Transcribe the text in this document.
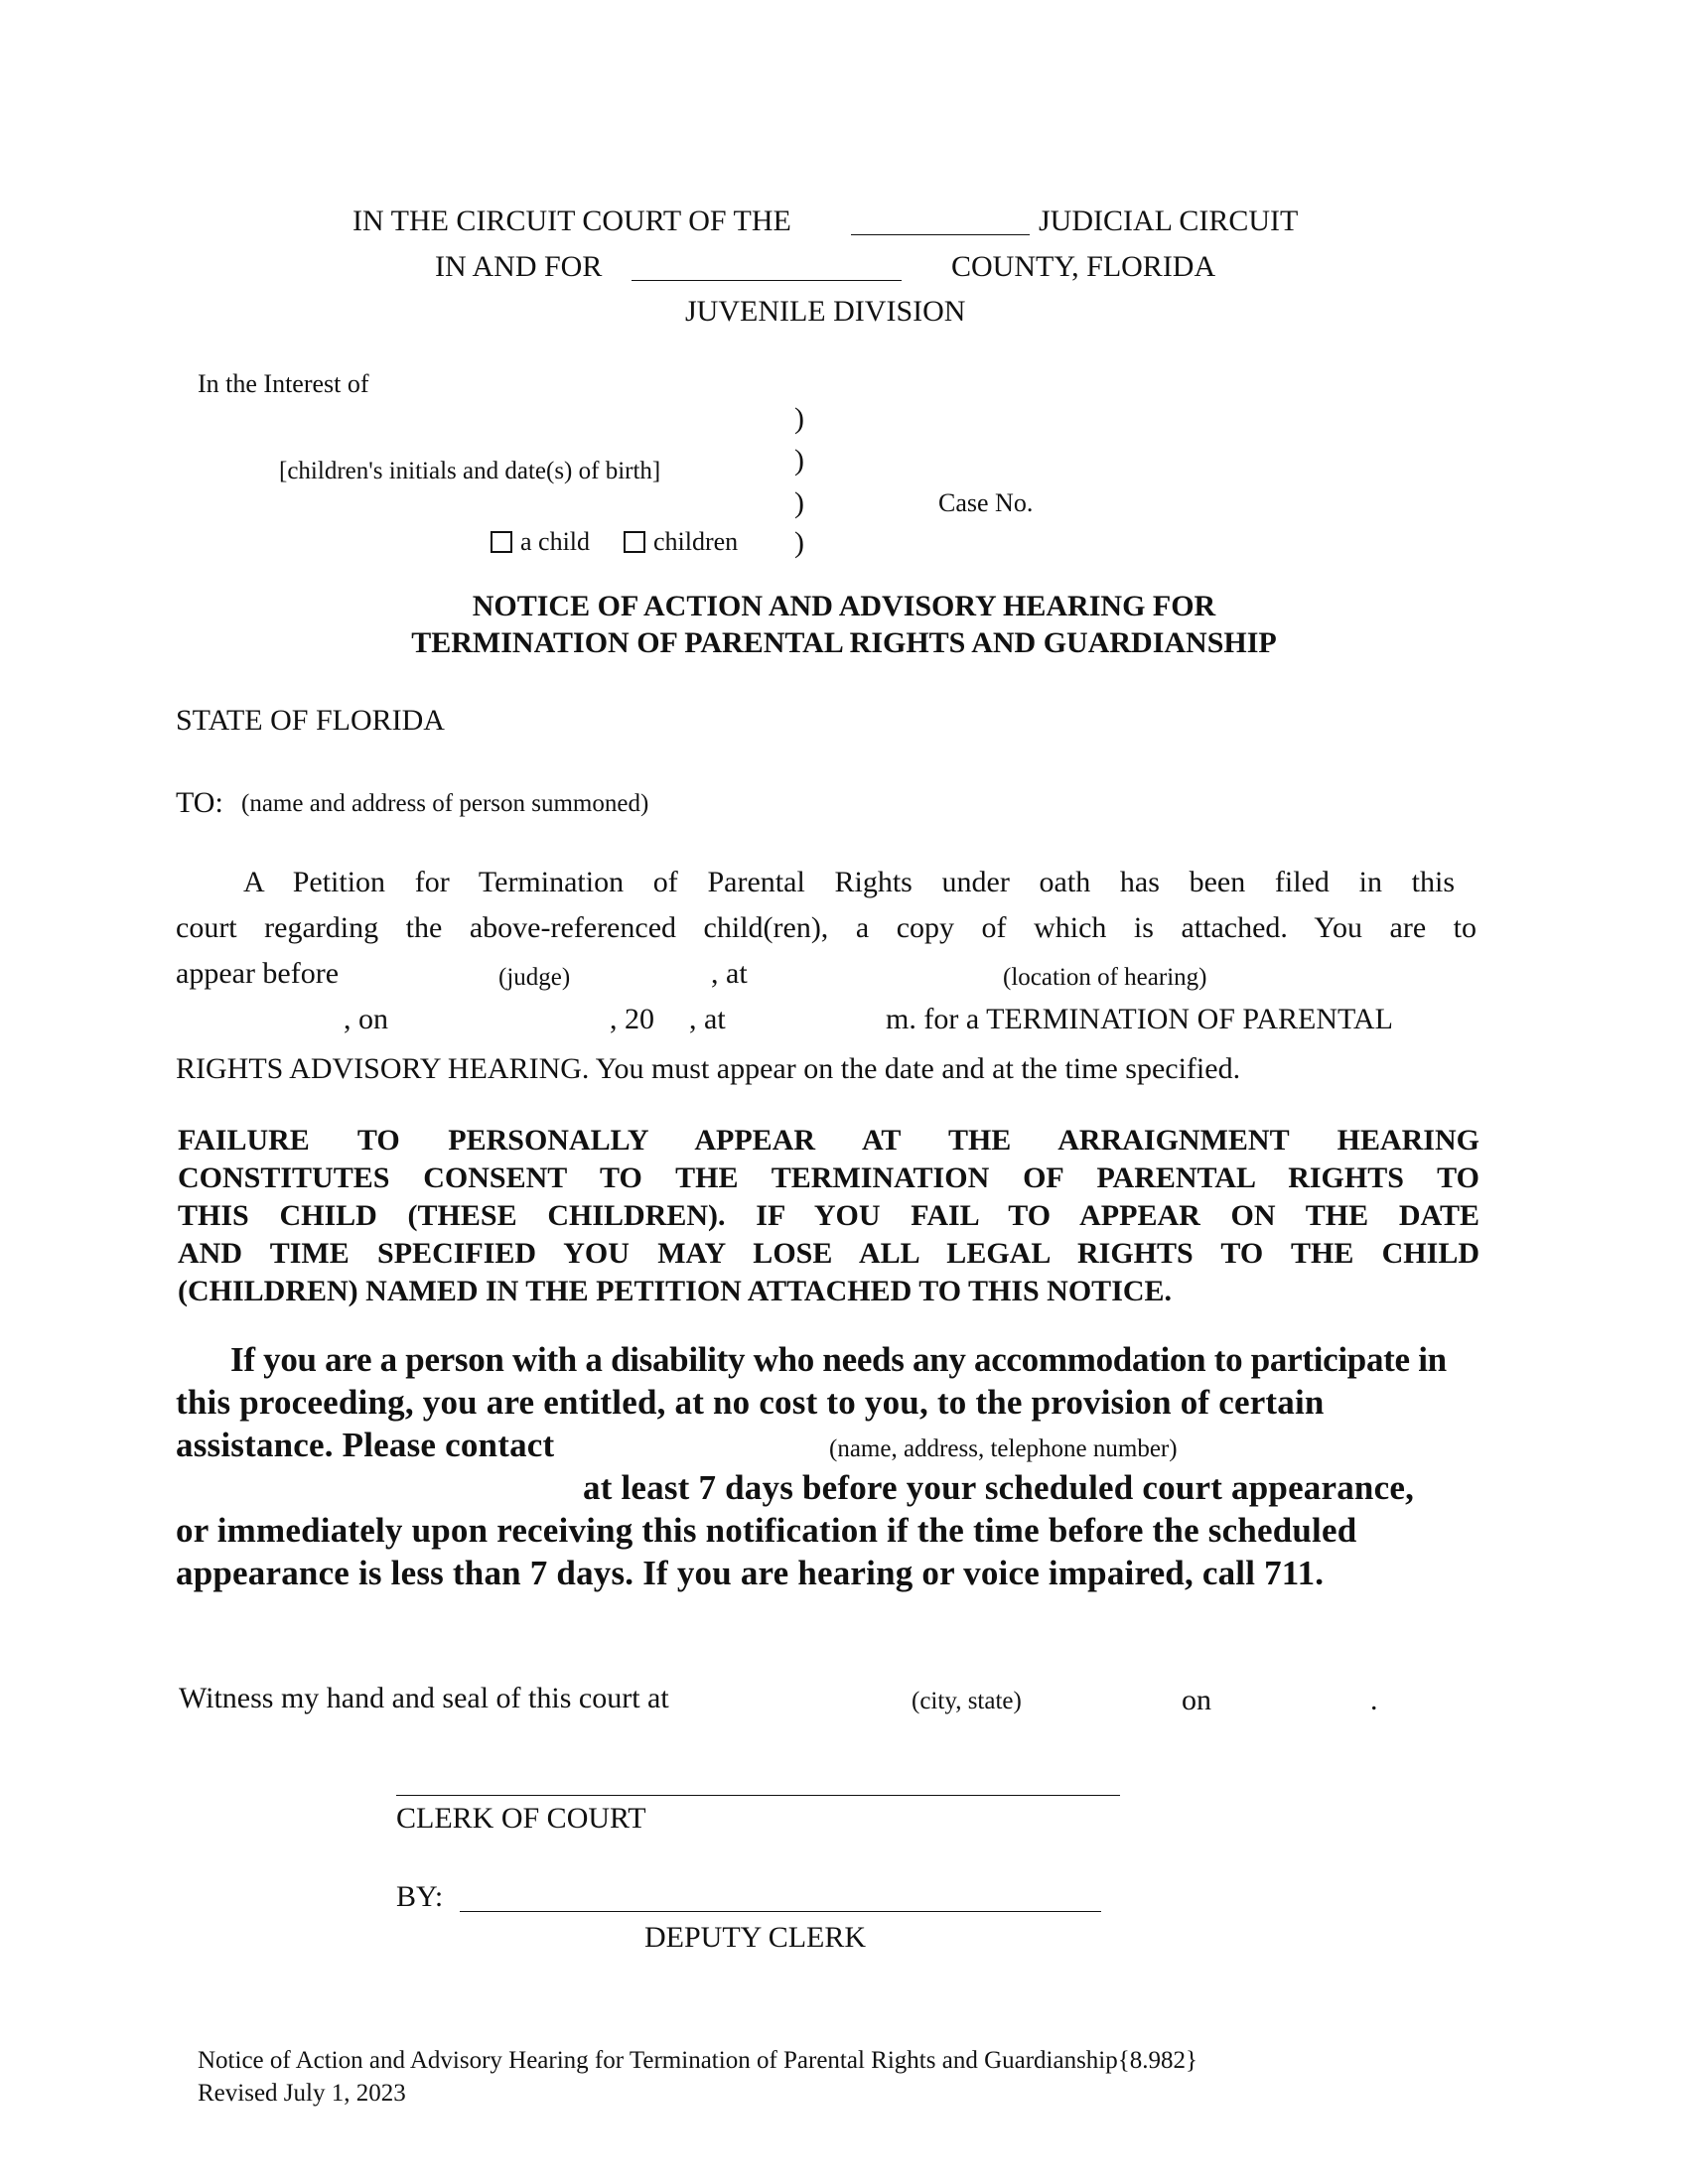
IN THE CIRCUIT COURT OF THE	JUDICIAL CIRCUIT
IN AND FOR	COUNTY, FLORIDA
JUVENILE DIVISION
In the Interest of
)
)
)
)
[children's initials and date(s) of birth]
Case No.
a child	children
NOTICE OF ACTION AND ADVISORY HEARING FOR
TERMINATION OF PARENTAL RIGHTS AND GUARDIANSHIP
STATE OF FLORIDA
TO: (name and address of person summoned)
A Petition for Termination of Parental Rights under oath has been filed in this
court regarding the above-referenced child(ren), a copy of which is attached. You are to
appear before	(judge)	, at	(location of hearing)
, on	, 20 , at	m. for a TERMINATION OF PARENTAL
RIGHTS ADVISORY HEARING. You must appear on the date and at the time specified.
FAILURE TO PERSONALLY APPEAR AT THE ARRAIGNMENT HEARING
CONSTITUTES CONSENT TO THE TERMINATION OF PARENTAL RIGHTS TO
THIS CHILD (THESE CHILDREN). IF YOU FAIL TO APPEAR ON THE DATE
AND TIME SPECIFIED YOU MAY LOSE ALL LEGAL RIGHTS TO THE CHILD
(CHILDREN) NAMED IN THE PETITION ATTACHED TO THIS NOTICE.
If you are a person with a disability who needs any accommodation to participate in
this proceeding, you are entitled, at no cost to you, to the provision of certain
assistance. Please contact	(name, address, telephone number)
at least 7 days before your scheduled court appearance,
or immediately upon receiving this notification if the time before the scheduled
appearance is less than 7 days. If you are hearing or voice impaired, call 711.
Witness my hand and seal of this court at	(city, state)	on	.
CLERK OF COURT
BY:
DEPUTY CLERK
Notice of Action and Advisory Hearing for Termination of Parental Rights and Guardianship{8.982}
Revised July 1, 2023
